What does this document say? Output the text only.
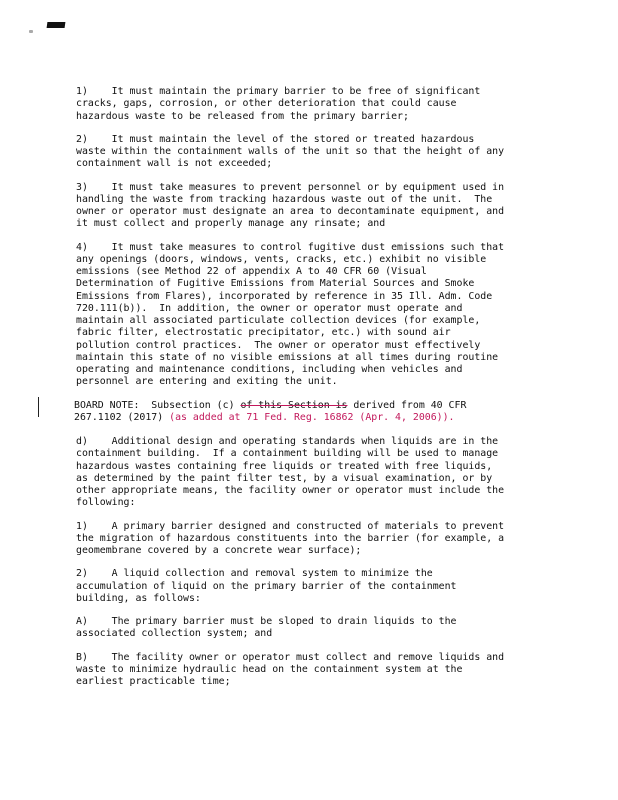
1)    It must maintain the primary barrier to be free of significant
cracks, gaps, corrosion, or other deterioration that could cause
hazardous waste to be released from the primary barrier;

2)    It must maintain the level of the stored or treated hazardous
waste within the containment walls of the unit so that the height of any
containment wall is not exceeded;

3)    It must take measures to prevent personnel or by equipment used in
handling the waste from tracking hazardous waste out of the unit.  The
owner or operator must designate an area to decontaminate equipment, and
it must collect and properly manage any rinsate; and

4)    It must take measures to control fugitive dust emissions such that
any openings (doors, windows, vents, cracks, etc.) exhibit no visible
emissions (see Method 22 of appendix A to 40 CFR 60 (Visual
Determination of Fugitive Emissions from Material Sources and Smoke
Emissions from Flares), incorporated by reference in 35 Ill. Adm. Code
720.111(b)).  In addition, the owner or operator must operate and
maintain all associated particulate collection devices (for example,
fabric filter, electrostatic precipitator, etc.) with sound air
pollution control practices.  The owner or operator must effectively
maintain this state of no visible emissions at all times during routine
operating and maintenance conditions, including when vehicles and
personnel are entering and exiting the unit.

BOARD NOTE:  Subsection (c) of this Section is derived from 40 CFR
267.1102 (2017) (as added at 71 Fed. Reg. 16862 (Apr. 4, 2006)).

d)    Additional design and operating standards when liquids are in the
containment building.  If a containment building will be used to manage
hazardous wastes containing free liquids or treated with free liquids,
as determined by the paint filter test, by a visual examination, or by
other appropriate means, the facility owner or operator must include the
following:

1)    A primary barrier designed and constructed of materials to prevent
the migration of hazardous constituents into the barrier (for example, a
geomembrane covered by a concrete wear surface);

2)    A liquid collection and removal system to minimize the
accumulation of liquid on the primary barrier of the containment
building, as follows:

A)    The primary barrier must be sloped to drain liquids to the
associated collection system; and

B)    The facility owner or operator must collect and remove liquids and
waste to minimize hydraulic head on the containment system at the
earliest practicable time;
